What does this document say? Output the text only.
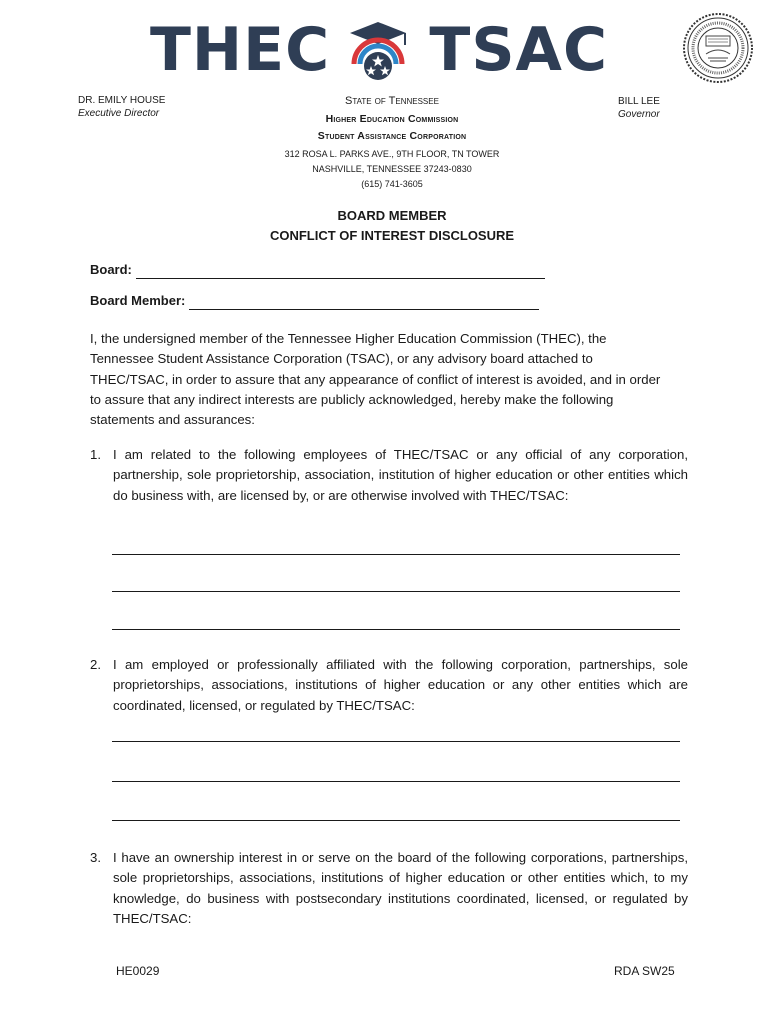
THEC TSAC
DR. EMILY HOUSE
Executive Director
BILL LEE
Governor
State of Tennessee
Higher Education Commission
Student Assistance Corporation
312 ROSA L. PARKS AVE., 9TH FLOOR, TN TOWER
NASHVILLE, TENNESSEE 37243-0830
(615) 741-3605
BOARD MEMBER
CONFLICT OF INTEREST DISCLOSURE
Board:
Board Member:
I, the undersigned member of the Tennessee Higher Education Commission (THEC), the Tennessee Student Assistance Corporation (TSAC), or any advisory board attached to THEC/TSAC, in order to assure that any appearance of conflict of interest is avoided, and in order to assure that any indirect interests are publicly acknowledged, hereby make the following statements and assurances:
1. I am related to the following employees of THEC/TSAC or any official of any corporation, partnership, sole proprietorship, association, institution of higher education or other entities which do business with, are licensed by, or are otherwise involved with THEC/TSAC:
2. I am employed or professionally affiliated with the following corporation, partnerships, sole proprietorships, associations, institutions of higher education or any other entities which are coordinated, licensed, or regulated by THEC/TSAC:
3. I have an ownership interest in or serve on the board of the following corporations, partnerships, sole proprietorships, associations, institutions of higher education or other entities which, to my knowledge, do business with postsecondary institutions coordinated, licensed, or regulated by THEC/TSAC:
HE0029	RDA SW25
